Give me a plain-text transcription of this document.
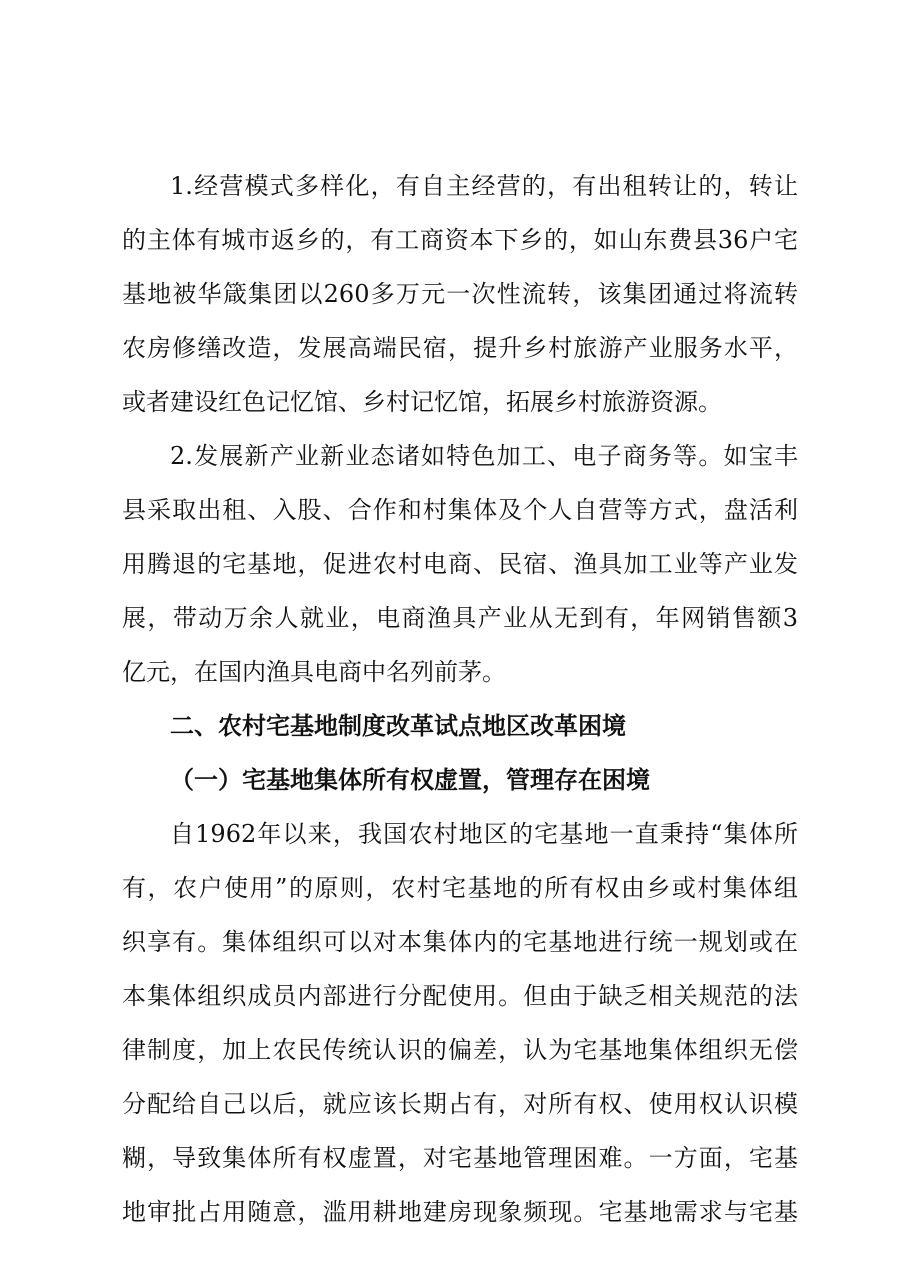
1.经营模式多样化，有自主经营的，有出租转让的，转让
的主体有城市返乡的，有工商资本下乡的，如山东费县36户宅
基地被华箴集团以260多万元一次性流转，该集团通过将流转
农房修缮改造，发展高端民宿，提升乡村旅游产业服务水平，
或者建设红色记忆馆、乡村记忆馆，拓展乡村旅游资源。
2.发展新产业新业态诸如特色加工、电子商务等。如宝丰
县采取出租、入股、合作和村集体及个人自营等方式，盘活利
用腾退的宅基地，促进农村电商、民宿、渔具加工业等产业发
展，带动万余人就业，电商渔具产业从无到有，年网销售额3
亿元，在国内渔具电商中名列前茅。
二、农村宅基地制度改革试点地区改革困境
（一）宅基地集体所有权虚置，管理存在困境
自1962年以来，我国农村地区的宅基地一直秉持“集体所
有，农户使用”的原则，农村宅基地的所有权由乡或村集体组
织享有。集体组织可以对本集体内的宅基地进行统一规划或在
本集体组织成员内部进行分配使用。但由于缺乏相关规范的法
律制度，加上农民传统认识的偏差，认为宅基地集体组织无偿
分配给自己以后，就应该长期占有，对所有权、使用权认识模
糊，导致集体所有权虚置，对宅基地管理困难。一方面，宅基
地审批占用随意，滥用耕地建房现象频现。宅基地需求与宅基
